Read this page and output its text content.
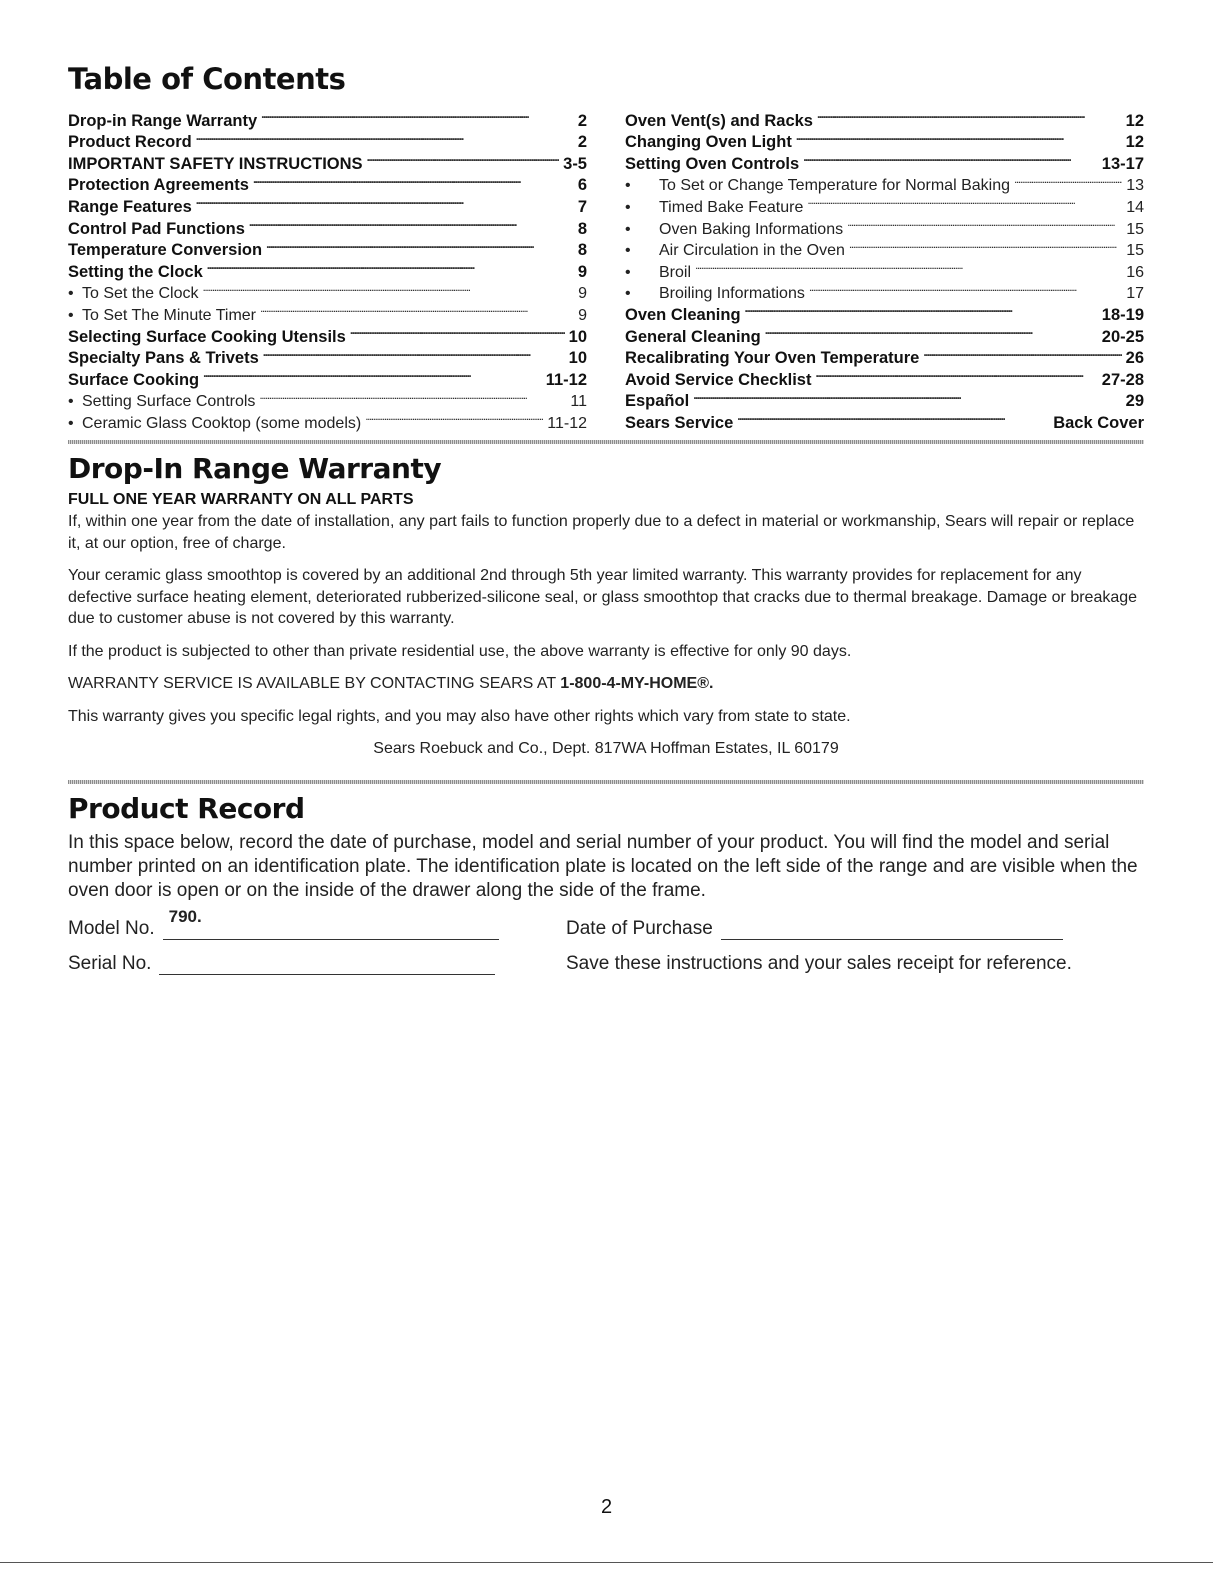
Table of Contents
Drop-in Range Warranty . . .	2
Product Record . . .	2
IMPORTANT SAFETY INSTRUCTIONS . . .	3-5
Protection Agreements . . .	6
Range Features . . .	7
Control Pad Functions . . .	8
Temperature Conversion . . .	8
Setting the Clock . . .	9
• To Set the Clock . . .	9
• To Set The Minute Timer . . .	9
Selecting Surface Cooking Utensils . . .	10
Specialty Pans & Trivets . . .	10
Surface Cooking . . .	11-12
• Setting Surface Controls . . .	11
• Ceramic Glass Cooktop (some models) . . .	11-12
Oven Vent(s) and Racks . . .	12
Changing Oven Light . . .	12
Setting Oven Controls . . .	13-17
•	To Set or Change Temperature for Normal Baking . . .	13
•	Timed Bake Feature . . .	14
•	Oven Baking Informations . . .	15
•	Air Circulation in the Oven . . .	15
•	Broil . . .	16
•	Broiling Informations . . .	17
Oven Cleaning . . .	18-19
General Cleaning . . .	20-25
Recalibrating Your Oven Temperature . . .	26
Avoid Service Checklist . . .	27-28
Español . . .	29
Sears Service . . .	Back Cover
Drop-In Range Warranty
FULL ONE YEAR WARRANTY ON ALL PARTS

If, within one year from the date of installation, any part fails to function properly due to a defect in material or workmanship, Sears will repair or replace it, at our option, free of charge.

Your ceramic glass smoothtop is covered by an additional 2nd through 5th year limited warranty. This warranty provides for replacement for any defective surface heating element, deteriorated rubberized-silicone seal, or glass smoothtop that cracks due to thermal breakage. Damage or breakage due to customer abuse is not covered by this warranty.

If the product is subjected to other than private residential use, the above warranty is effective for only 90 days.

WARRANTY SERVICE IS AVAILABLE BY CONTACTING SEARS AT 1-800-4-MY-HOME®.

This warranty gives you specific legal rights, and you may also have other rights which vary from state to state.

Sears Roebuck and Co., Dept. 817WA Hoffman Estates, IL 60179
Product Record

In this space below, record the date of purchase, model and serial number of your product. You will find the model and serial number printed on an identification plate. The identification plate is located on the left side of the range and are visible when the oven door is open or on the inside of the drawer along the side of the frame.

Model No.
790.
Date of Purchase
Serial No.	Save these instructions and your sales receipt for reference.
2
